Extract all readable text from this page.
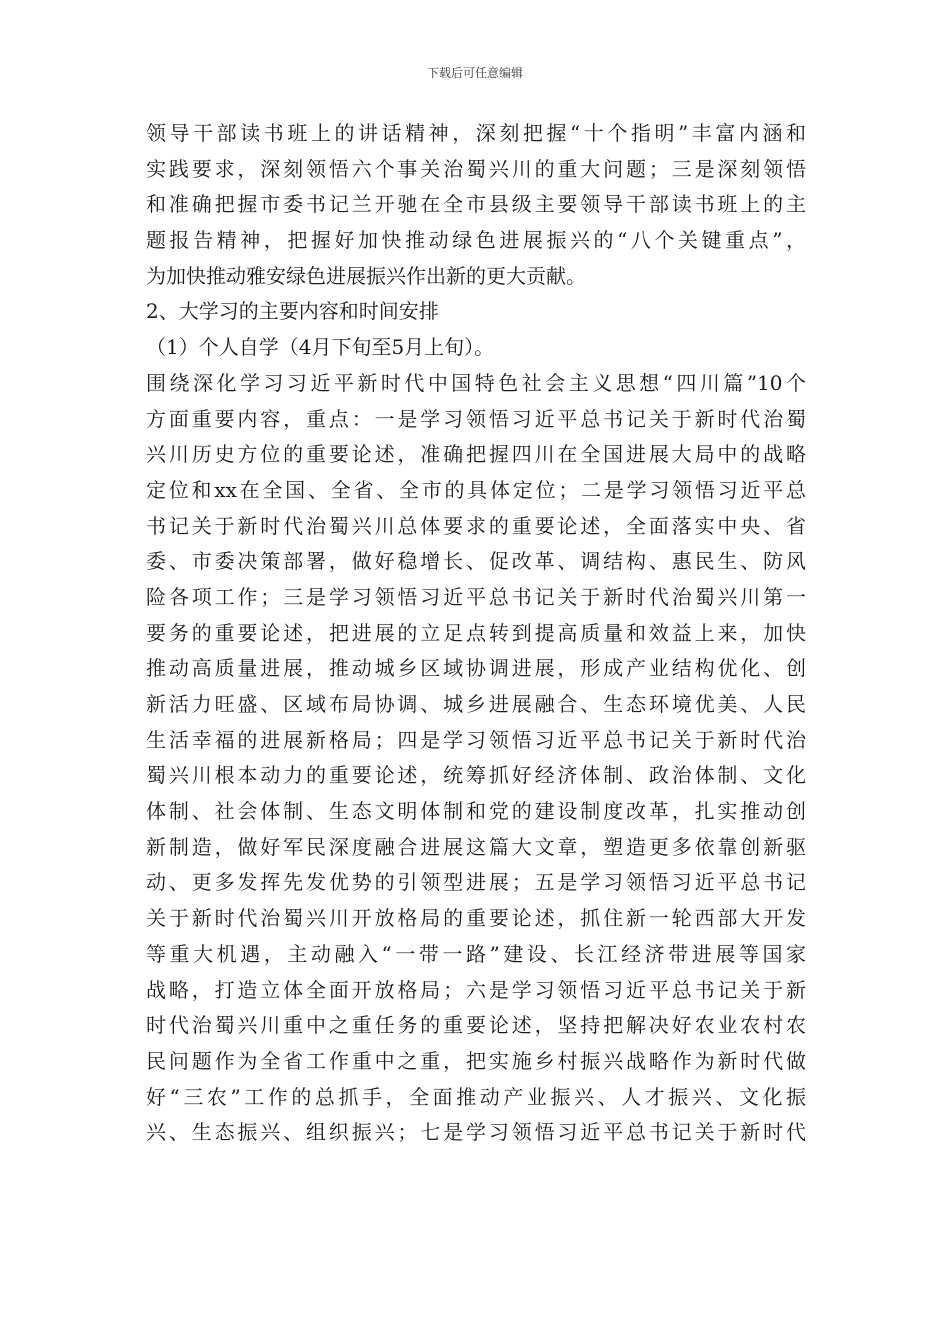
下载后可任意编辑
领导干部读书班上的讲话精神，深刻把握“十个指明”丰富内涵和
实践要求，深刻领悟六个事关治蜀兴川的重大问题；三是深刻领悟
和准确把握市委书记兰开驰在全市县级主要领导干部读书班上的主
题报告精神，把握好加快推动绿色进展振兴的“八个关键重点”，
为加快推动雅安绿色进展振兴作出新的更大贡献。
2、大学习的主要内容和时间安排
（1）个人自学（4月下旬至5月上旬）。
围绕深化学习习近平新时代中国特色社会主义思想“四川篇”10个
方面重要内容，重点：一是学习领悟习近平总书记关于新时代治蜀
兴川历史方位的重要论述，准确把握四川在全国进展大局中的战略
定位和xx在全国、全省、全市的具体定位；二是学习领悟习近平总
书记关于新时代治蜀兴川总体要求的重要论述，全面落实中央、省
委、市委决策部署，做好稳增长、促改革、调结构、惠民生、防风
险各项工作；三是学习领悟习近平总书记关于新时代治蜀兴川第一
要务的重要论述，把进展的立足点转到提高质量和效益上来，加快
推动高质量进展，推动城乡区域协调进展，形成产业结构优化、创
新活力旺盛、区域布局协调、城乡进展融合、生态环境优美、人民
生活幸福的进展新格局；四是学习领悟习近平总书记关于新时代治
蜀兴川根本动力的重要论述，统筹抓好经济体制、政治体制、文化
体制、社会体制、生态文明体制和党的建设制度改革，扎实推动创
新制造，做好军民深度融合进展这篇大文章，塑造更多依靠创新驱
动、更多发挥先发优势的引领型进展；五是学习领悟习近平总书记
关于新时代治蜀兴川开放格局的重要论述，抓住新一轮西部大开发
等重大机遇，主动融入“一带一路”建设、长江经济带进展等国家
战略，打造立体全面开放格局；六是学习领悟习近平总书记关于新
时代治蜀兴川重中之重任务的重要论述，坚持把解决好农业农村农
民问题作为全省工作重中之重，把实施乡村振兴战略作为新时代做
好“三农”工作的总抓手，全面推动产业振兴、人才振兴、文化振
兴、生态振兴、组织振兴；七是学习领悟习近平总书记关于新时代
